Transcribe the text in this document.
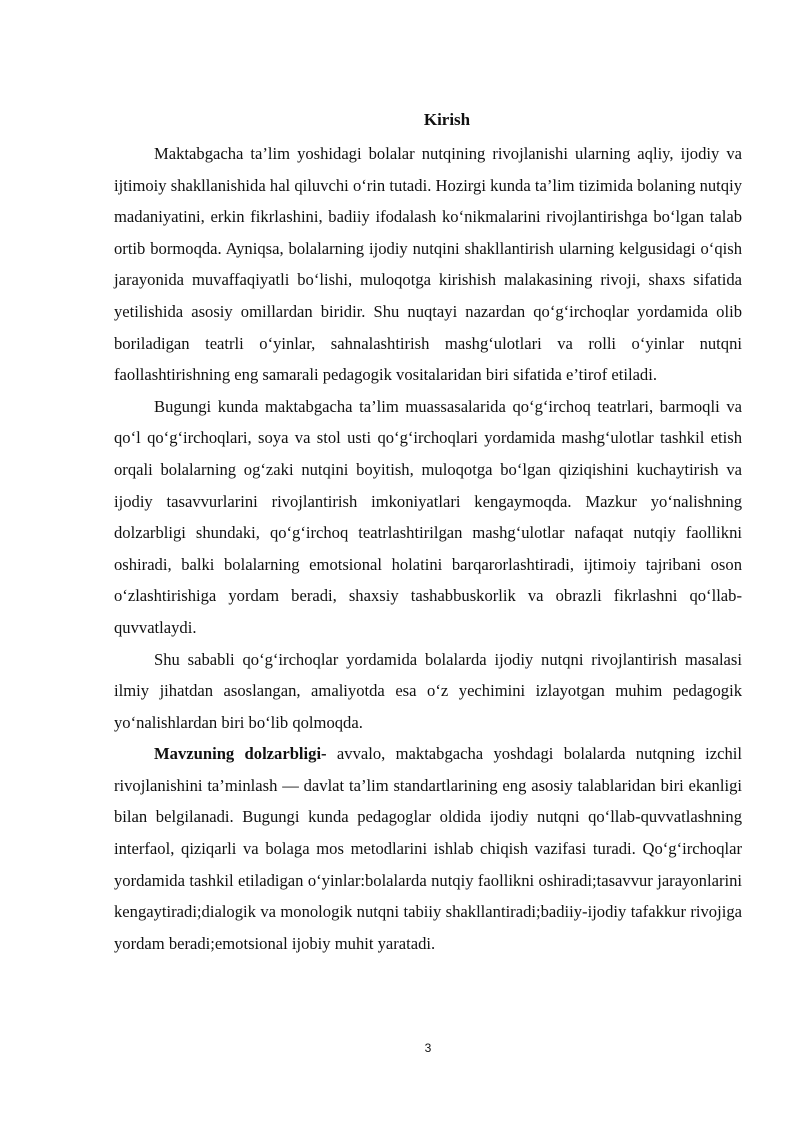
Kirish

Maktabgacha ta’lim yoshidagi bolalar nutqining rivojlanishi ularning aqliy, ijodiy va ijtimoiy shakllanishida hal qiluvchi o‘rin tutadi. Hozirgi kunda ta’lim tizimida bolaning nutqiy madaniyatini, erkin fikrlashini, badiiy ifodalash ko‘nikmalarini rivojlantirishga bo‘lgan talab ortib bormoqda. Ayniqsa, bolalarning ijodiy nutqini shakllantirish ularning kelgusidagi o‘qish jarayonida muvaffaqiyatli bo‘lishi, muloqotga kirishish malakasining rivoji, shaxs sifatida yetilishida asosiy omillardan biridir. Shu nuqtayi nazardan qo‘g‘irchoqlar yordamida olib boriladigan teatrli o‘yinlar, sahnalashtirish mashg‘ulotlari va rolli o‘yinlar nutqni faollashtirishning eng samarali pedagogik vositalaridan biri sifatida e’tirof etiladi.

Bugungi kunda maktabgacha ta’lim muassasalarida qo‘g‘irchoq teatrlari, barmoqli va qo‘l qo‘g‘irchoqlari, soya va stol usti qo‘g‘irchoqlari yordamida mashg‘ulotlar tashkil etish orqali bolalarning og‘zaki nutqini boyitish, muloqotga bo‘lgan qiziqishini kuchaytirish va ijodiy tasavvurlarini rivojlantirish imkoniyatlari kengaymoqda. Mazkur yo‘nalishning dolzarbligi shundaki, qo‘g‘irchoq teatrlashtirilgan mashg‘ulotlar nafaqat nutqiy faollikni oshiradi, balki bolalarning emotsional holatini barqarorlashtiradi, ijtimoiy tajribani oson o‘zlashtirishiga yordam beradi, shaxsiy tashabbuskorlik va obrazli fikrlashni qo‘llab-quvvatlaydi.

Shu sababli qo‘g‘irchoqlar yordamida bolalarda ijodiy nutqni rivojlantirish masalasi ilmiy jihatdan asoslangan, amaliyotda esa o‘z yechimini izlayotgan muhim pedagogik yo‘nalishlardan biri bo‘lib qolmoqda.

Mavzuning dolzarbligi- avvalo, maktabgacha yoshdagi bolalarda nutqning izchil rivojlanishini ta’minlash — davlat ta’lim standartlarining eng asosiy talablaridan biri ekanligi bilan belgilanadi. Bugungi kunda pedagoglar oldida ijodiy nutqni qo‘llab-quvvatlashning interfaol, qiziqarli va bolaga mos metodlarini ishlab chiqish vazifasi turadi. Qo‘g‘irchoqlar yordamida tashkil etiladigan o‘yinlar:bolalarda nutqiy faollikni oshiradi;tasavvur jarayonlarini kengaytiradi;dialogik va monologik nutqni tabiiy shakllantiradi;badiiy-ijodiy tafakkur rivojiga yordam beradi;emotsional ijobiy muhit yaratadi.

3
